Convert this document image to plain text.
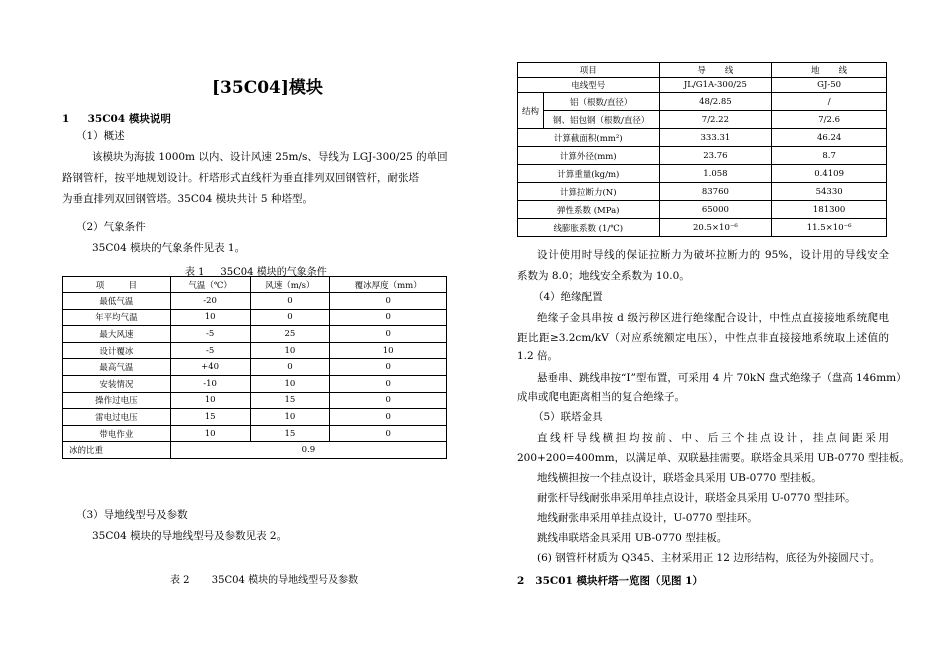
[35C04]模块
1     35C04 模块说明
（1）概述
该模块为海拔 1000m 以内、设计风速 25m/s、导线为 LGJ-300/25 的单回
路钢管杆，按平地规划设计。杆塔形式直线杆为垂直排列双回钢管杆，耐张塔
为垂直排列双回钢管塔。35C04 模块共计 5 种塔型。
（2）气象条件
35C04 模块的气象条件见表 1。
表 1     35C04 模块的气象条件
项         目	气温（℃）	风速（m/s）	覆冰厚度（mm）
最低气温	-20	0	0
年平均气温	10	0	0
最大风速	-5	25	0
设计覆冰	-5	10	10
最高气温	+40	0	0
安装情况	-10	10	0
操作过电压	10	15	0
雷电过电压	15	10	0
带电作业	10	15	0
冰的比重	0.9		
（3）导地线型号及参数
35C04 模块的导地线型号及参数见表 2。
表 2       35C04 模块的导地线型号及参数
项目		导       线	地       线
电线型号		JL/G1A-300/25	GJ-50
结构	铝（根数/直径）	48/2.85	/
	钢、铝包钢（根数/直径）	7/2.22	7/2.6
计算截面积(mm²)		333.31	46.24
计算外径(mm)		23.76	8.7
计算重量(kg/m)		1.058	0.4109
计算拉断力(N)		83760	54330
弹性系数 (MPa)		65000	181300
线膨胀系数 (1/℃)		20.5×10⁻⁶	11.5×10⁻⁶
设计使用时导线的保证拉断力为破坏拉断力的 95%，设计用的导线安全
系数为 8.0；地线安全系数为 10.0。
（4）绝缘配置
绝缘子金具串按 d 级污秽区进行绝缘配合设计，中性点直接接地系统爬电
距比距≥3.2cm/kV（对应系统额定电压），中性点非直接接地系统取上述值的
1.2 倍。
悬垂串、跳线串按“I”型布置，可采用 4 片 70kN 盘式绝缘子（盘高 146mm）
成串或爬电距离相当的复合绝缘子。
（5）联塔金具
直线杆导线横担均按前、中、后三个挂点设计，挂点间距采用
200+200=400mm，以满足单、双联悬挂需要。联塔金具采用 UB-0770 型挂板。
地线横担按一个挂点设计，联塔金具采用 UB-0770 型挂板。
耐张杆导线耐张串采用单挂点设计，联塔金具采用 U-0770 型挂环。
地线耐张串采用单挂点设计，U-0770 型挂环。
跳线串联塔金具采用 UB-0770 型挂板。
(6) 钢管杆材质为 Q345、主材采用正 12 边形结构，底径为外接圆尺寸。
2   35C01 模块杆塔一览图（见图 1）
